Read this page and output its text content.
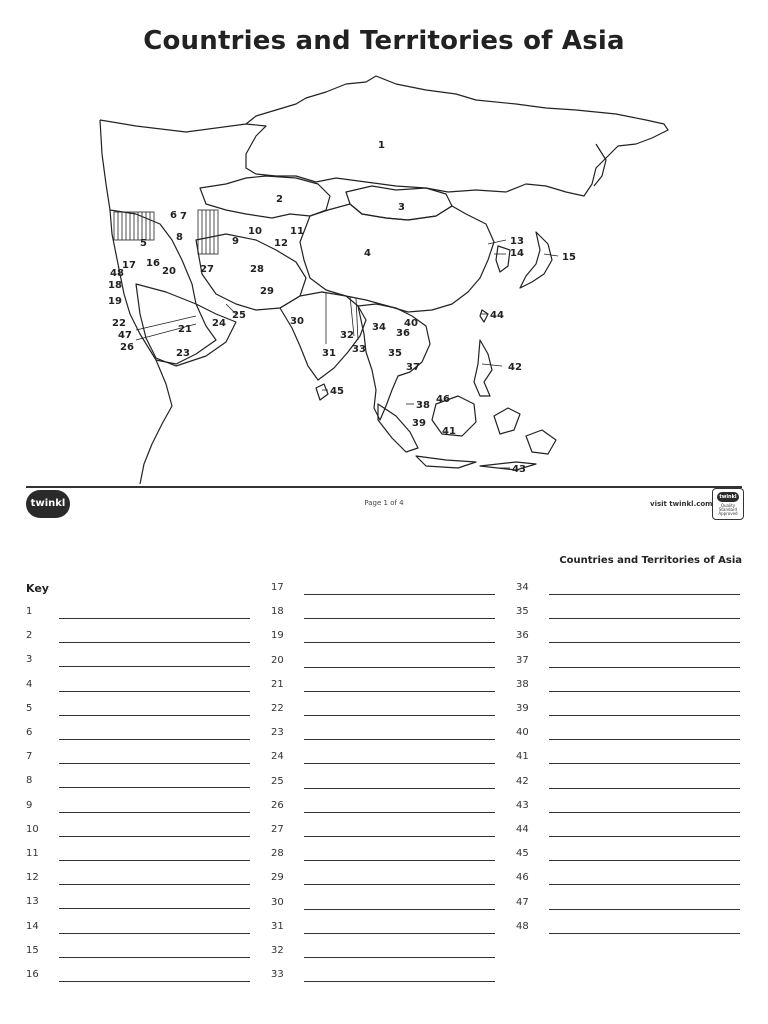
Countries and Territories of Asia
1
2
3
4
5
6 7
8	9
10	11
12	13
14	15
16
17
18
19
20
21
22
23
24
25
26
27	28
29
30
31
32
33
34
35
36
37
38
39
40
41
42
43
44
45
46
47
48
twinkl	Page 1 of 4	visit twinkl.com
twinkl
Quality Standard Approved
Countries and Territories of Asia
Key
1
2
3
4
5
6
7
8
9
10
11
12
13
14
15
16
17
18
19
20
21
22
23
24
25
26
27
28
29
30
31
32
33
34
35
36
37
38
39
40
41
42
43
44
45
46
47
48
